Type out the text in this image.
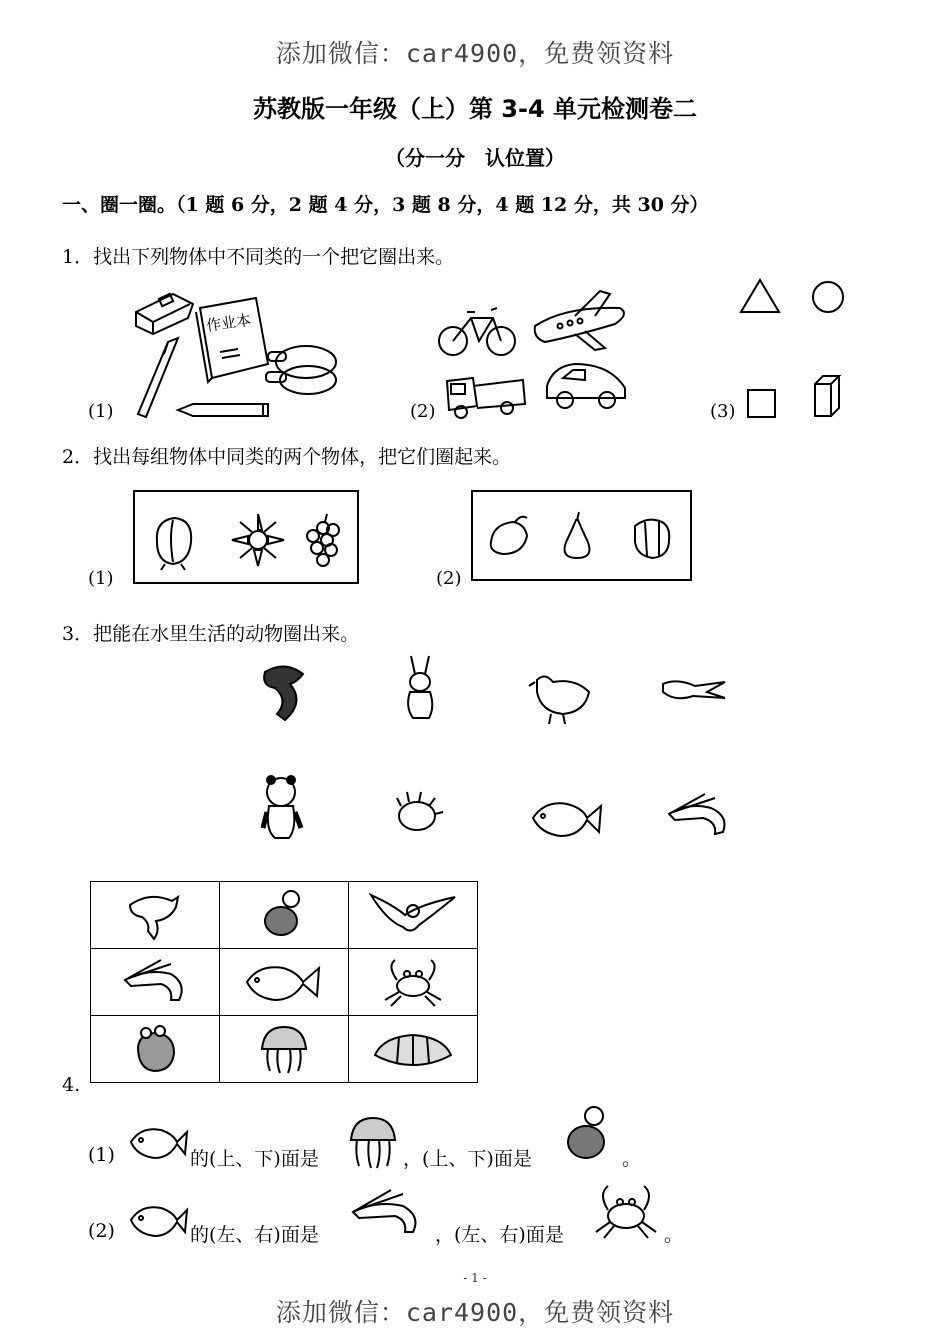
添加微信：car4900，免费领资料
苏教版一年级（上）第 3-4 单元检测卷二
（分一分　认位置）
一、圈一圈。（1 题 6 分，2 题 4 分，3 题 8 分，4 题 12 分，共 30 分）
1．找出下列物体中不同类的一个把它圈出来。
(1)
作业本
(2)	(3)
2．找出每组物体中同类的两个物体，把它们圈起来。
(1)	(2)
3．把能在水里生活的动物圈出来。

4.
(1)	的(上、下)面是	，(上、下)面是	。
(2)	的(左、右)面是	，(左、右)面是	。
- 1 -
添加微信：car4900，免费领资料
